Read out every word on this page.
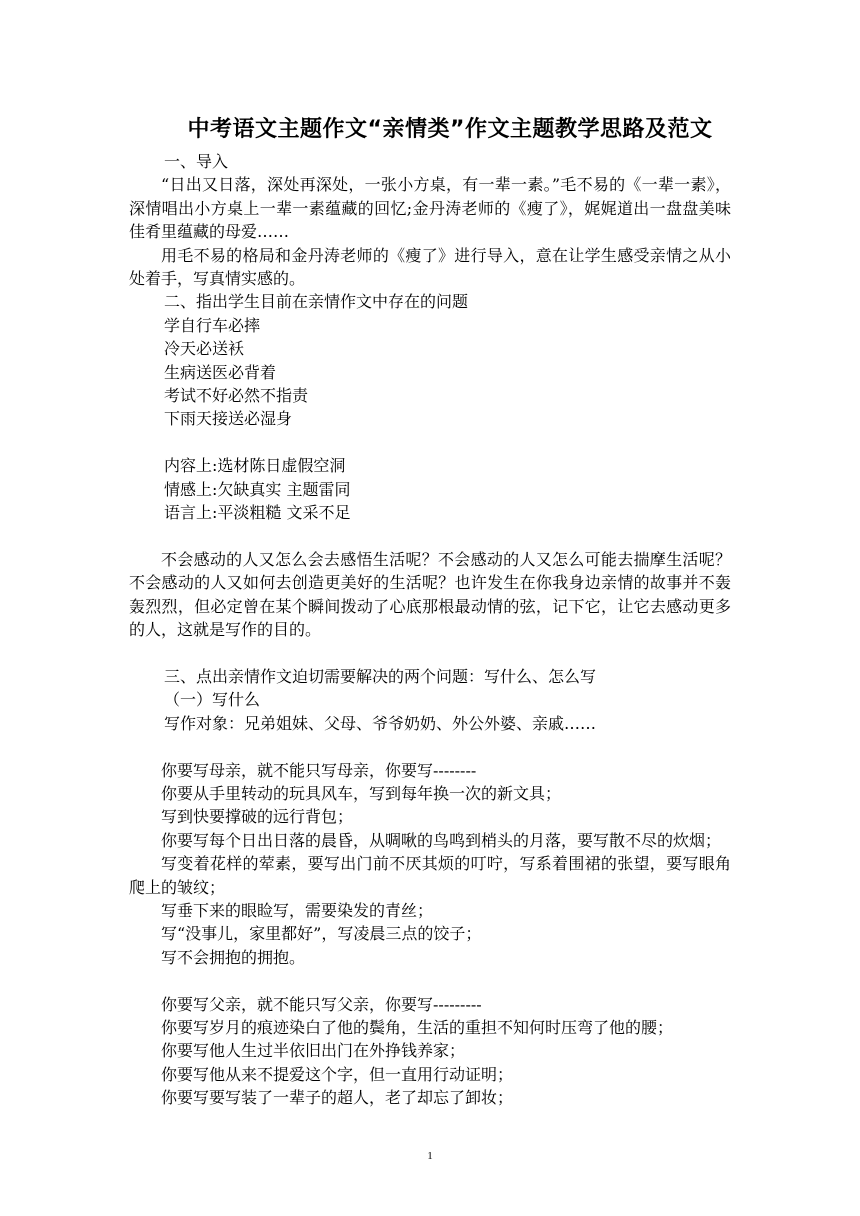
中考语文主题作文“亲情类”作文主题教学思路及范文

一、导入

“日出又日落，深处再深处，一张小方桌，有一辈一素。”毛不易的《一辈一素》，深情唱出小方桌上一辈一素蕴藏的回忆;金丹涛老师的《瘦了》，娓娓道出一盘盘美味佳肴里蕴藏的母爱……

用毛不易的格局和金丹涛老师的《瘦了》进行导入，意在让学生感受亲情之从小处着手，写真情实感的。

二、指出学生目前在亲情作文中存在的问题

学自行车必摔

冷天必送袄

生病送医必背着

考试不好必然不指责

下雨天接送必湿身

内容上:选材陈日虚假空洞

情感上:欠缺真实 主题雷同

语言上:平淡粗糙 文采不足

不会感动的人又怎么会去感悟生活呢？不会感动的人又怎么可能去揣摩生活呢？不会感动的人又如何去创造更美好的生活呢？也许发生在你我身边亲情的故事并不轰轰烈烈，但必定曾在某个瞬间拨动了心底那根最动情的弦，记下它，让它去感动更多的人，这就是写作的目的。

三、点出亲情作文迫切需要解决的两个问题：写什么、怎么写

（一）写什么

写作对象：兄弟姐妹、父母、爷爷奶奶、外公外婆、亲戚……

你要写母亲，就不能只写母亲，你要写--------

你要从手里转动的玩具风车，写到每年换一次的新文具；

写到快要撑破的远行背包；

你要写每个日出日落的晨昏，从啁啾的鸟鸣到梢头的月落，要写散不尽的炊烟；

写变着花样的荤素，要写出门前不厌其烦的叮咛，写系着围裙的张望，要写眼角爬上的皱纹；

写垂下来的眼睑写，需要染发的青丝；

写“没事儿，家里都好”，写凌晨三点的饺子；

写不会拥抱的拥抱。

你要写父亲，就不能只写父亲，你要写---------

你要写岁月的痕迹染白了他的鬓角，生活的重担不知何时压弯了他的腰；

你要写他人生过半依旧出门在外挣钱养家；

你要写他从来不提爱这个字，但一直用行动证明；

你要写要写装了一辈子的超人，老了却忘了卸妆；

1
